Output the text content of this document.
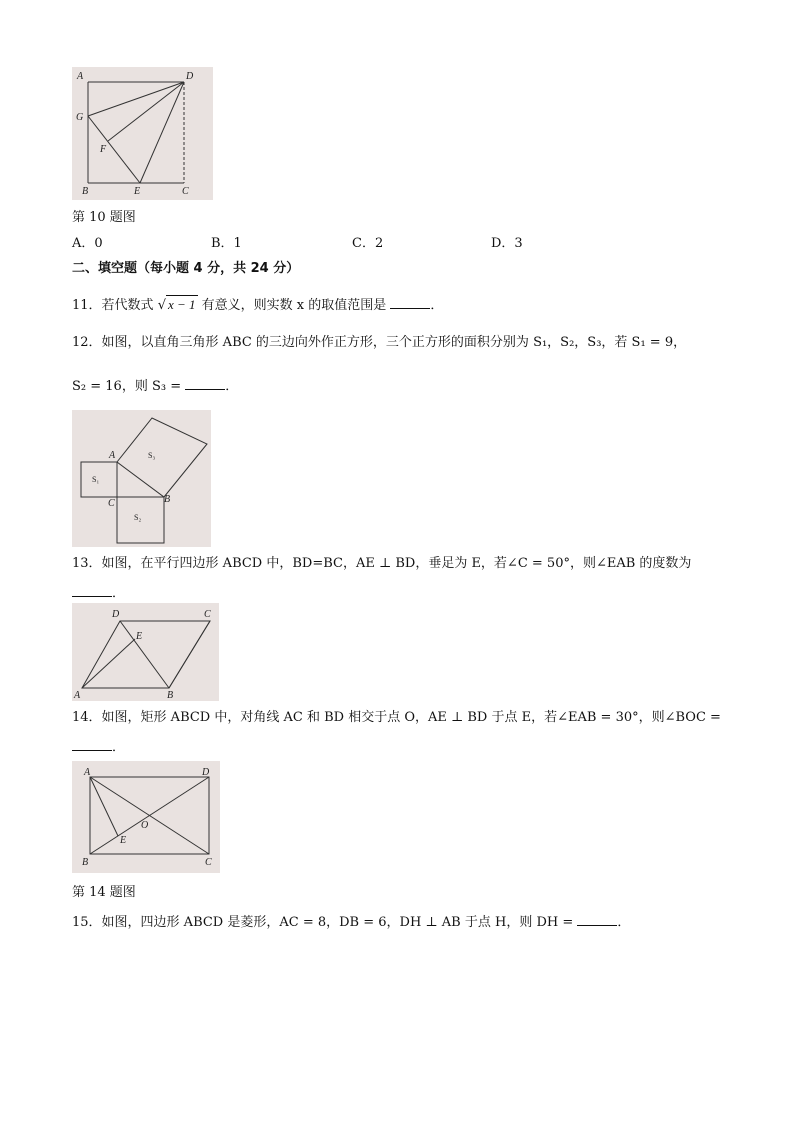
A	D
G
F
B	E	C
第 10 题图
A．0	B．1	C．2	D．3
二、填空题（每小题 4 分，共 24 分）
11．若代数式 √ x − 1 有意义，则实数 x 的取值范围是	．
12．如图，以直角三角形 ABC 的三边向外作正方形，三个正方形的面积分别为 S₁，S₂，S₃，若 S₁ = 9，
S₂ = 16，则 S₃ =	．
A
C	B
S₁
S₃
S₂
13．如图，在平行四边形 ABCD 中，BD=BC，AE ⊥ BD，垂足为 E，若∠C = 50°，则∠EAB 的度数为
．
D	C
E
A	B
14．如图，矩形 ABCD 中，对角线 AC 和 BD 相交于点 O，AE ⊥ BD 于点 E，若∠EAB = 30°，则∠BOC =
．
A	D
O
E
B	C
第 14 题图
15．如图，四边形 ABCD 是菱形，AC = 8，DB = 6，DH ⊥ AB 于点 H，则 DH =	．
